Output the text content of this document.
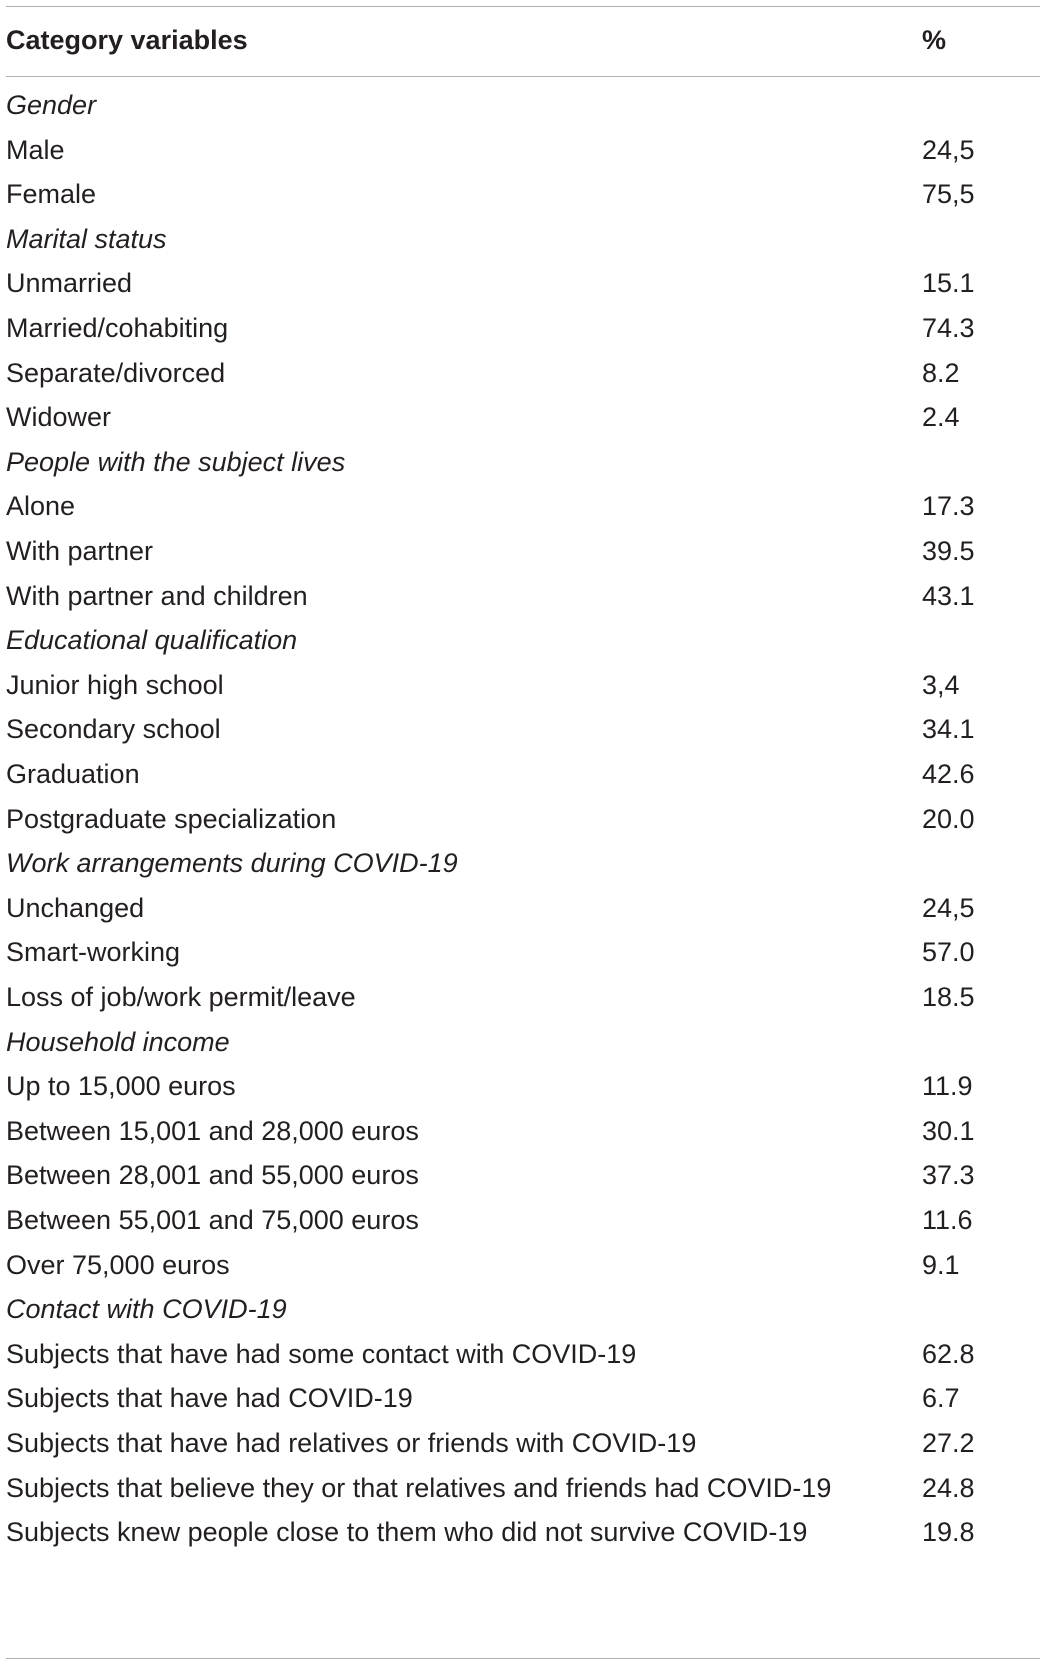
Category variables	%
Gender
Male	24,5
Female	75,5
Marital status
Unmarried	15.1
Married/cohabiting	74.3
Separate/divorced	8.2
Widower	2.4
People with the subject lives
Alone	17.3
With partner	39.5
With partner and children	43.1
Educational qualification
Junior high school	3,4
Secondary school	34.1
Graduation	42.6
Postgraduate specialization	20.0
Work arrangements during COVID-19
Unchanged	24,5
Smart-working	57.0
Loss of job/work permit/leave	18.5
Household income
Up to 15,000 euros	11.9
Between 15,001 and 28,000 euros	30.1
Between 28,001 and 55,000 euros	37.3
Between 55,001 and 75,000 euros	11.6
Over 75,000 euros	9.1
Contact with COVID-19
Subjects that have had some contact with COVID-19	62.8
Subjects that have had COVID-19	6.7
Subjects that have had relatives or friends with COVID-19	27.2
Subjects that believe they or that relatives and friends had COVID-19	24.8
Subjects knew people close to them who did not survive COVID-19	19.8
